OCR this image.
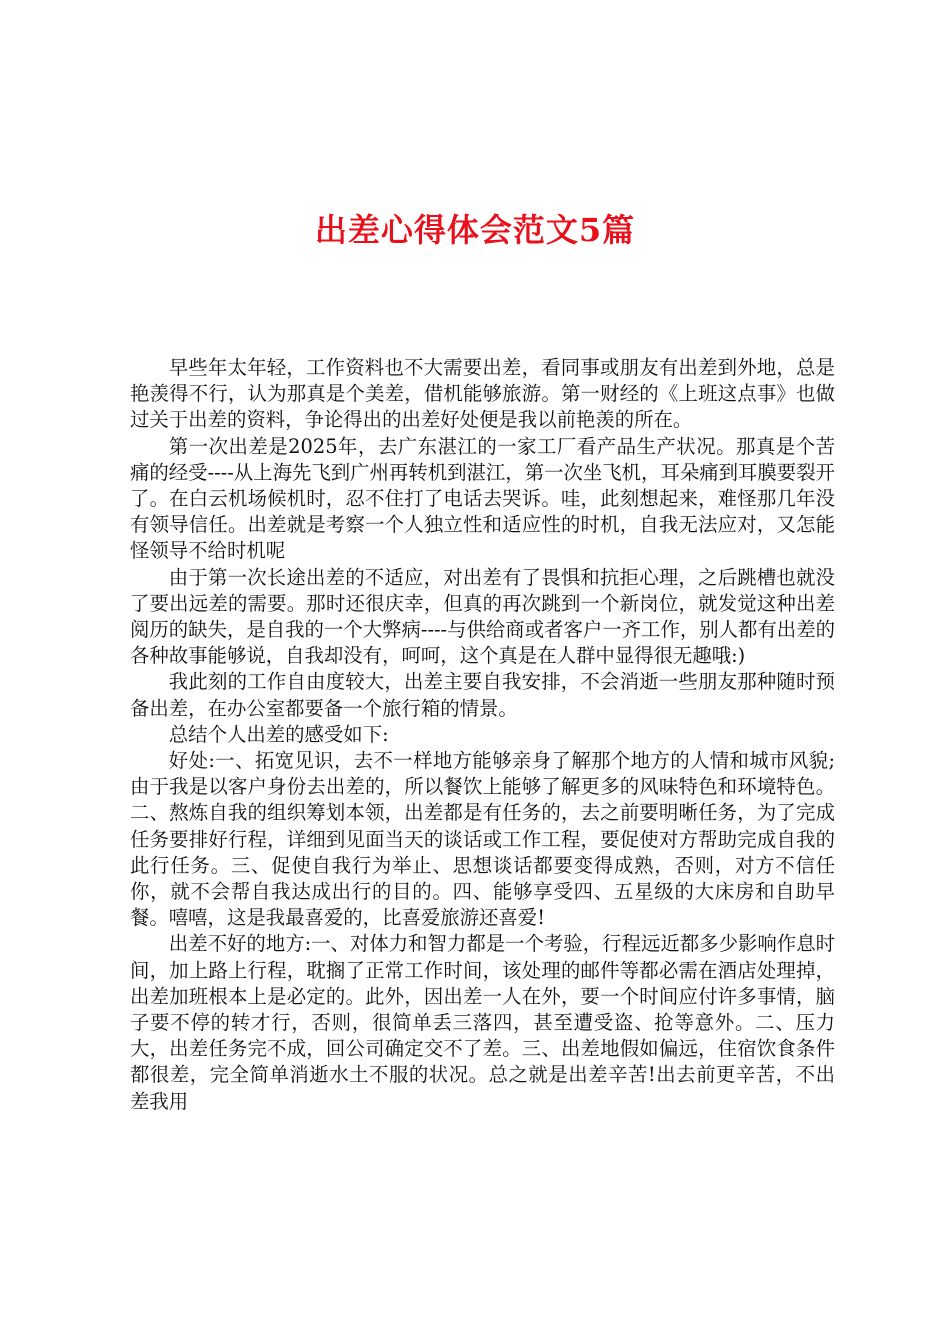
出差心得体会范文5篇

早些年太年轻，工作资料也不大需要出差，看同事或朋友有出差到外地，总是艳羡得不行，认为那真是个美差，借机能够旅游。第一财经的《上班这点事》也做过关于出差的资料，争论得出的出差好处便是我以前艳羡的所在。

第一次出差是2025年，去广东湛江的一家工厂看产品生产状况。那真是个苦痛的经受----从上海先飞到广州再转机到湛江，第一次坐飞机，耳朵痛到耳膜要裂开了。在白云机场候机时，忍不住打了电话去哭诉。哇，此刻想起来，难怪那几年没有领导信任。出差就是考察一个人独立性和适应性的时机，自我无法应对，又怎能怪领导不给时机呢

由于第一次长途出差的不适应，对出差有了畏惧和抗拒心理，之后跳槽也就没了要出远差的需要。那时还很庆幸，但真的再次跳到一个新岗位，就发觉这种出差阅历的缺失，是自我的一个大弊病----与供给商或者客户一齐工作，别人都有出差的各种故事能够说，自我却没有，呵呵，这个真是在人群中显得很无趣哦:)

我此刻的工作自由度较大，出差主要自我安排，不会消逝一些朋友那种随时预备出差，在办公室都要备一个旅行箱的情景。

总结个人出差的感受如下:

好处:一、拓宽见识，去不一样地方能够亲身了解那个地方的人情和城市风貌;由于我是以客户身份去出差的，所以餐饮上能够了解更多的风味特色和环境特色。二、熬炼自我的组织筹划本领，出差都是有任务的，去之前要明晰任务，为了完成任务要排好行程，详细到见面当天的谈话或工作工程，要促使对方帮助完成自我的此行任务。三、促使自我行为举止、思想谈话都要变得成熟，否则，对方不信任你，就不会帮自我达成出行的目的。四、能够享受四、五星级的大床房和自助早餐。嘻嘻，这是我最喜爱的，比喜爱旅游还喜爱!

出差不好的地方:一、对体力和智力都是一个考验，行程远近都多少影响作息时间，加上路上行程，耽搁了正常工作时间，该处理的邮件等都必需在酒店处理掉，出差加班根本上是必定的。此外，因出差一人在外，要一个时间应付许多事情，脑子要不停的转才行，否则，很简单丢三落四，甚至遭受盗、抢等意外。二、压力大，出差任务完不成，回公司确定交不了差。三、出差地假如偏远，住宿饮食条件都很差，完全简单消逝水土不服的状况。总之就是出差辛苦!出去前更辛苦，不出差我用
